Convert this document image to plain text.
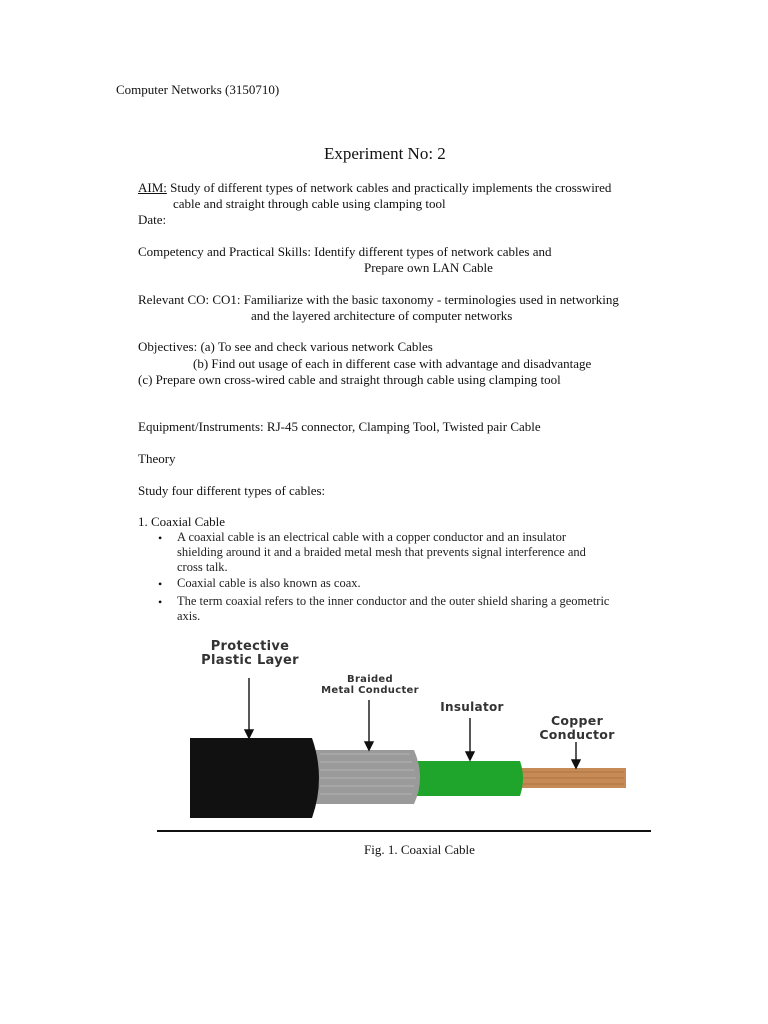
Computer Networks (3150710)
Experiment No: 2
AIM: Study of different types of network cables and practically implements the crosswired
cable and straight through cable using clamping tool
Date:
Competency and Practical Skills: Identify different types of network cables and
Prepare own LAN Cable
Relevant CO: CO1: Familiarize with the basic taxonomy - terminologies used in networking
and the layered architecture of computer networks
Objectives: (a) To see and check various network Cables
(b) Find out usage of each in different case with advantage and disadvantage
(c) Prepare own cross-wired cable and straight through cable using clamping tool
Equipment/Instruments: RJ-45 connector, Clamping Tool, Twisted pair Cable
Theory
Study four different types of cables:
1. Coaxial Cable
• A coaxial cable is an electrical cable with a copper conductor and an insulator
shielding around it and a braided metal mesh that prevents signal interference and
cross talk.
• Coaxial cable is also known as coax.
• The term coaxial refers to the inner conductor and the outer shield sharing a geometric
axis.
Protective
Plastic Layer
Braided
Metal Conducter
Insulator
Copper
Conductor
Fig. 1. Coaxial Cable
